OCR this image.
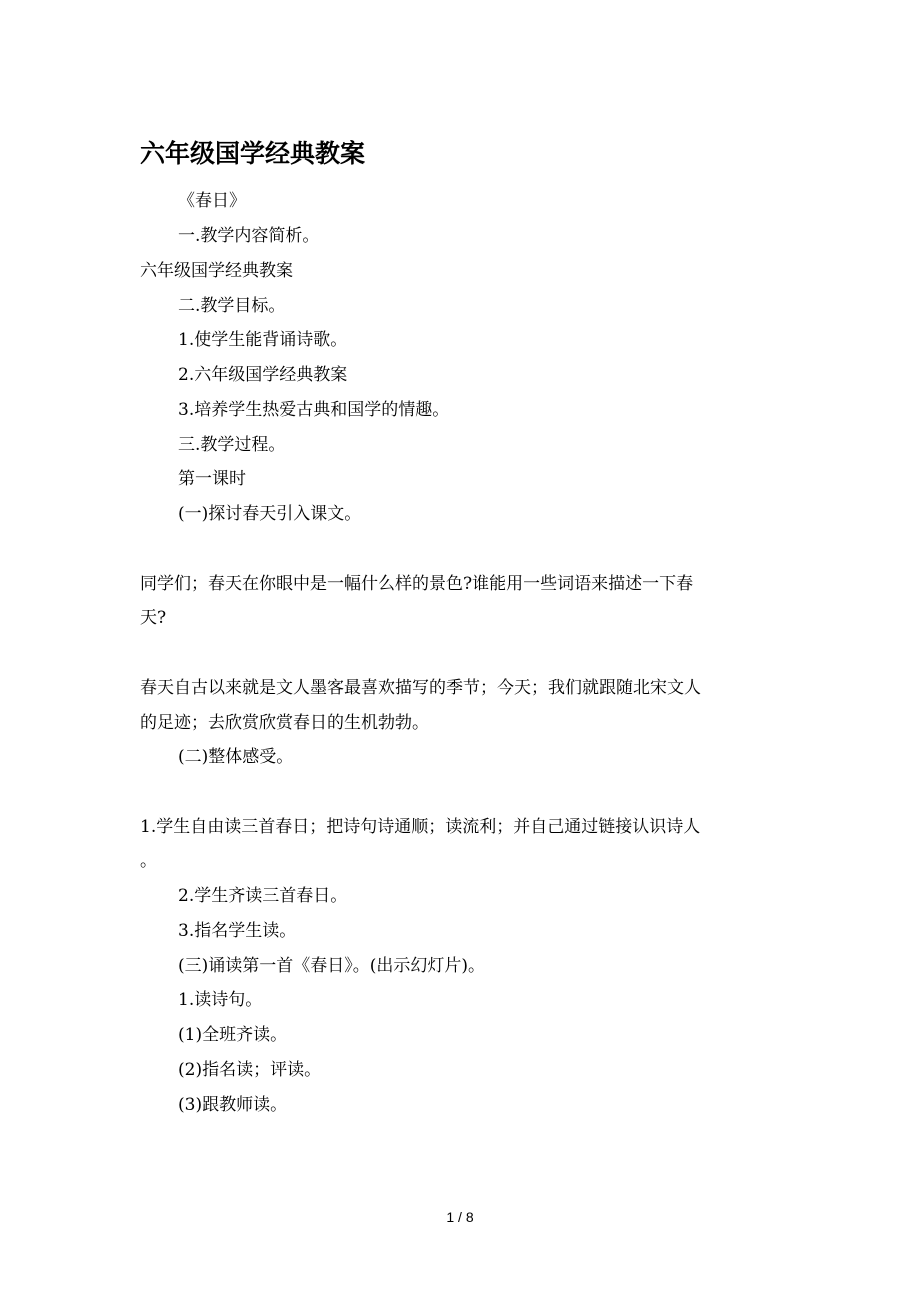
六年级国学经典教案

《春日》

一.教学内容简析。

六年级国学经典教案

二.教学目标。

1.使学生能背诵诗歌。

2.六年级国学经典教案

3.培养学生热爱古典和国学的情趣。

三.教学过程。

第一课时

(一)探讨春天引入课文。

同学们；春天在你眼中是一幅什么样的景色?谁能用一些词语来描述一下春

天?

春天自古以来就是文人墨客最喜欢描写的季节；今天；我们就跟随北宋文人

的足迹；去欣赏欣赏春日的生机勃勃。

(二)整体感受。

1.学生自由读三首春日；把诗句诗通顺；读流利；并自己通过链接认识诗人

。

2.学生齐读三首春日。

3.指名学生读。

(三)诵读第一首《春日》。(出示幻灯片)。

1.读诗句。

(1)全班齐读。

(2)指名读；评读。

(3)跟教师读。

1 / 8
